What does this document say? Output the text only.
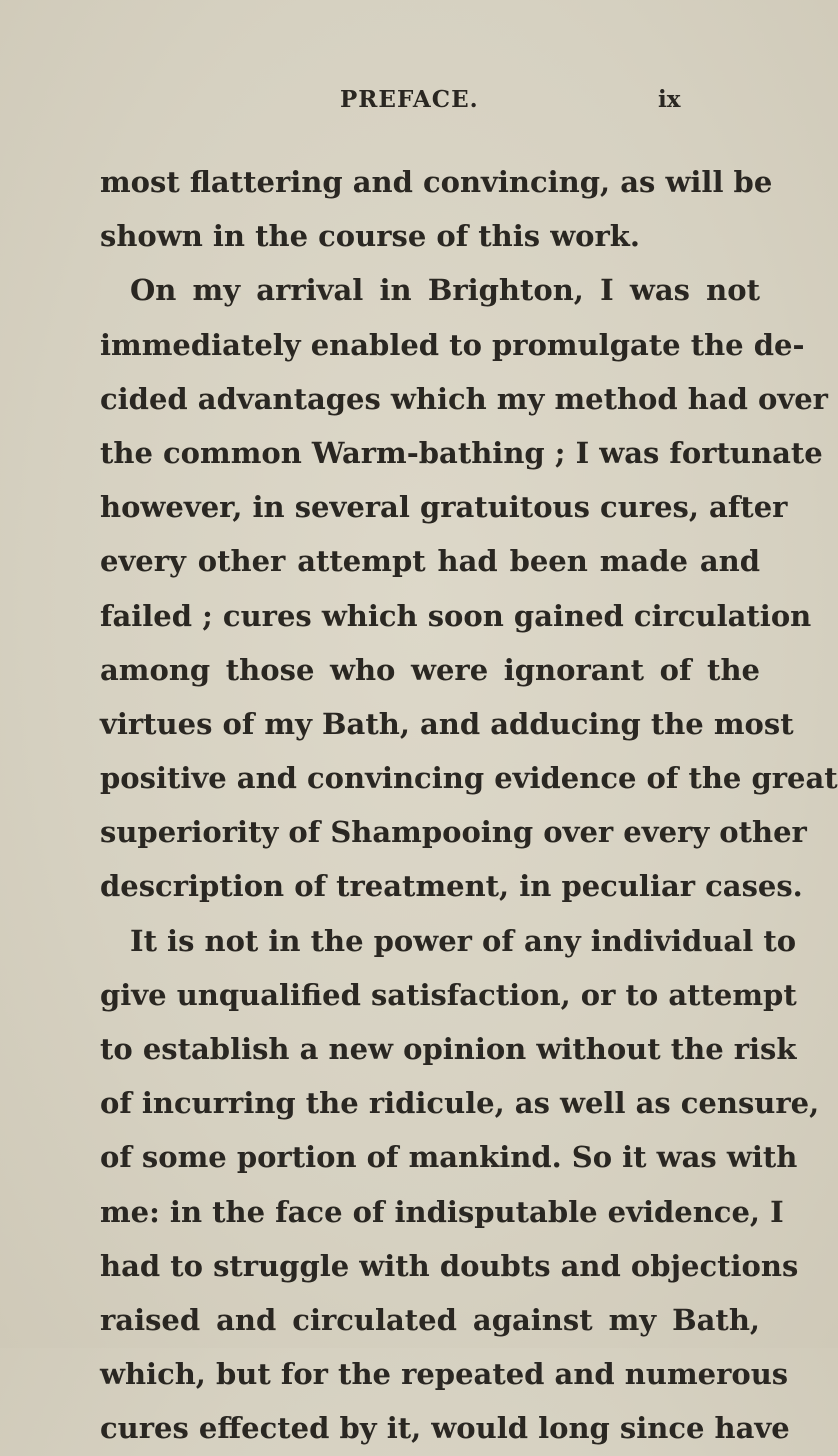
PREFACE.	ix
most flattering and convincing, as will be
shown in the course of this work.
On my arrival in Brighton, I was not
immediately enabled to promulgate the de-
cided advantages which my method had over
the common Warm-bathing ; I was fortunate
however, in several gratuitous cures, after
every other attempt had been made and
failed ; cures which soon gained circulation
among those who were ignorant of the
virtues of my Bath, and adducing the most
positive and convincing evidence of the great
superiority of Shampooing over every other
description of treatment, in peculiar cases.
It is not in the power of any individual to
give unqualified satisfaction, or to attempt
to establish a new opinion without the risk
of incurring the ridicule, as well as censure,
of some portion of mankind. So it was with
me: in the face of indisputable evidence, I
had to struggle with doubts and objections
raised and circulated against my Bath,
which, but for the repeated and numerous
cures effected by it, would long since have
